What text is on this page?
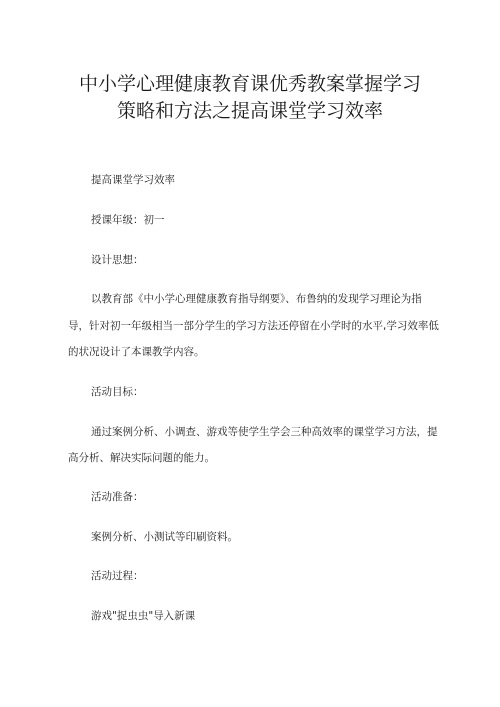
中小学心理健康教育课优秀教案掌握学习
策略和方法之提高课堂学习效率

提高课堂学习效率

授课年级：初一

设计思想：

以教育部《中小学心理健康教育指导纲要》、布鲁纳的发现学习理论为指

导，针对初一年级相当一部分学生的学习方法还停留在小学时的水平,学习效率低

的状况设计了本课教学内容。

活动目标：

通过案例分析、小调查、游戏等使学生学会三种高效率的课堂学习方法，提

高分析、解决实际问题的能力。

活动准备：

案例分析、小测试等印刷资料。

活动过程：

游戏"捉虫虫"导入新课
